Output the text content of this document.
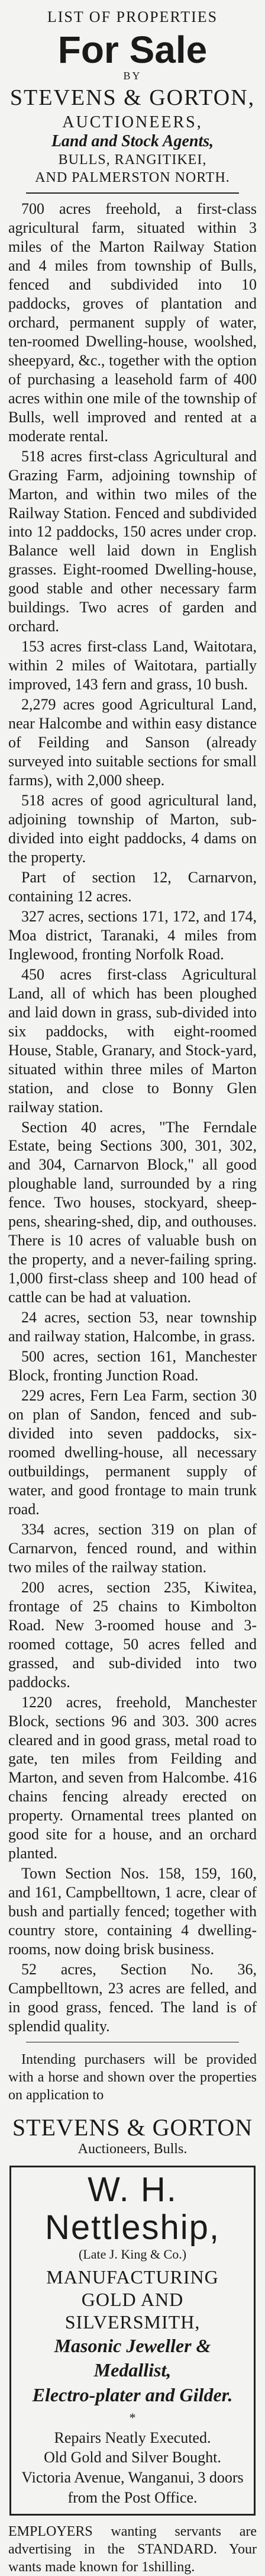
LIST OF PROPERTIES
For Sale
BY
STEVENS & GORTON,
AUCTIONEERS,
Land and Stock Agents,
BULLS, RANGITIKEI,
AND PALMERSTON NORTH.
700 acres freehold, a first-class agricultural farm, situated within 3 miles of the Marton Railway Station and 4 miles from township of Bulls, fenced and subdivided into 10 paddocks, groves of plantation and orchard, permanent supply of water, ten-roomed Dwelling-house, woolshed, sheepyard, &c., together with the option of purchasing a leasehold farm of 400 acres within one mile of the township of Bulls, well improved and rented at a moderate rental.
518 acres first-class Agricultural and Grazing Farm, adjoining township of Marton, and within two miles of the Railway Station. Fenced and subdivided into 12 paddocks, 150 acres under crop. Balance well laid down in English grasses. Eight-roomed Dwelling-house, good stable and other necessary farm buildings. Two acres of garden and orchard.
153 acres first-class Land, Waitotara, within 2 miles of Waitotara, partially improved, 143 fern and grass, 10 bush.
2,279 acres good Agricultural Land, near Halcombe and within easy distance of Feilding and Sanson (already surveyed into suitable sections for small farms), with 2,000 sheep.
518 acres of good agricultural land, adjoining township of Marton, sub-divided into eight paddocks, 4 dams on the property.
Part of section 12, Carnarvon, containing 12 acres.
327 acres, sections 171, 172, and 174, Moa district, Taranaki, 4 miles from Inglewood, fronting Norfolk Road.
450 acres first-class Agricultural Land, all of which has been ploughed and laid down in grass, sub-divided into six paddocks, with eight-roomed House, Stable, Granary, and Stock-yard, situated within three miles of Marton station, and close to Bonny Glen railway station.
Section 40 acres, "The Ferndale Estate, being Sections 300, 301, 302, and 304, Carnarvon Block," all good ploughable land, surrounded by a ring fence. Two houses, stockyard, sheep-pens, shearing-shed, dip, and outhouses. There is 10 acres of valuable bush on the property, and a never-failing spring. 1,000 first-class sheep and 100 head of cattle can be had at valuation.
24 acres, section 53, near township and railway station, Halcombe, in grass.
500 acres, section 161, Manchester Block, fronting Junction Road.
229 acres, Fern Lea Farm, section 30 on plan of Sandon, fenced and sub-divided into seven paddocks, six-roomed dwelling-house, all necessary outbuildings, permanent supply of water, and good frontage to main trunk road.
334 acres, section 319 on plan of Carnarvon, fenced round, and within two miles of the railway station.
200 acres, section 235, Kiwitea, frontage of 25 chains to Kimbolton Road. New 3-roomed house and 3-roomed cottage, 50 acres felled and grassed, and sub-divided into two paddocks.
1220 acres, freehold, Manchester Block, sections 96 and 303. 300 acres cleared and in good grass, metal road to gate, ten miles from Feilding and Marton, and seven from Halcombe. 416 chains fencing already erected on property. Ornamental trees planted on good site for a house, and an orchard planted.
Town Section Nos. 158, 159, 160, and 161, Campbelltown, 1 acre, clear of bush and partially fenced; together with country store, containing 4 dwelling-rooms, now doing brisk business.
52 acres, Section No. 36, Campbelltown, 23 acres are felled, and in good grass, fenced. The land is of splendid quality.
Intending purchasers will be provided with a horse and shown over the properties on application to
STEVENS & GORTON
Auctioneers, Bulls.
W. H. Nettleship,
(Late J. King & Co.)
MANUFACTURING GOLD AND
SILVERSMITH,
Masonic Jeweller & Medallist,
Electro-plater and Gilder.
*
Repairs Neatly Executed.
Old Gold and Silver Bought.
Victoria Avenue, Wanganui, 3 doors from the Post Office.
EMPLOYERS wanting servants are advertising in the STANDARD. Your wants made known for 1shilling.
